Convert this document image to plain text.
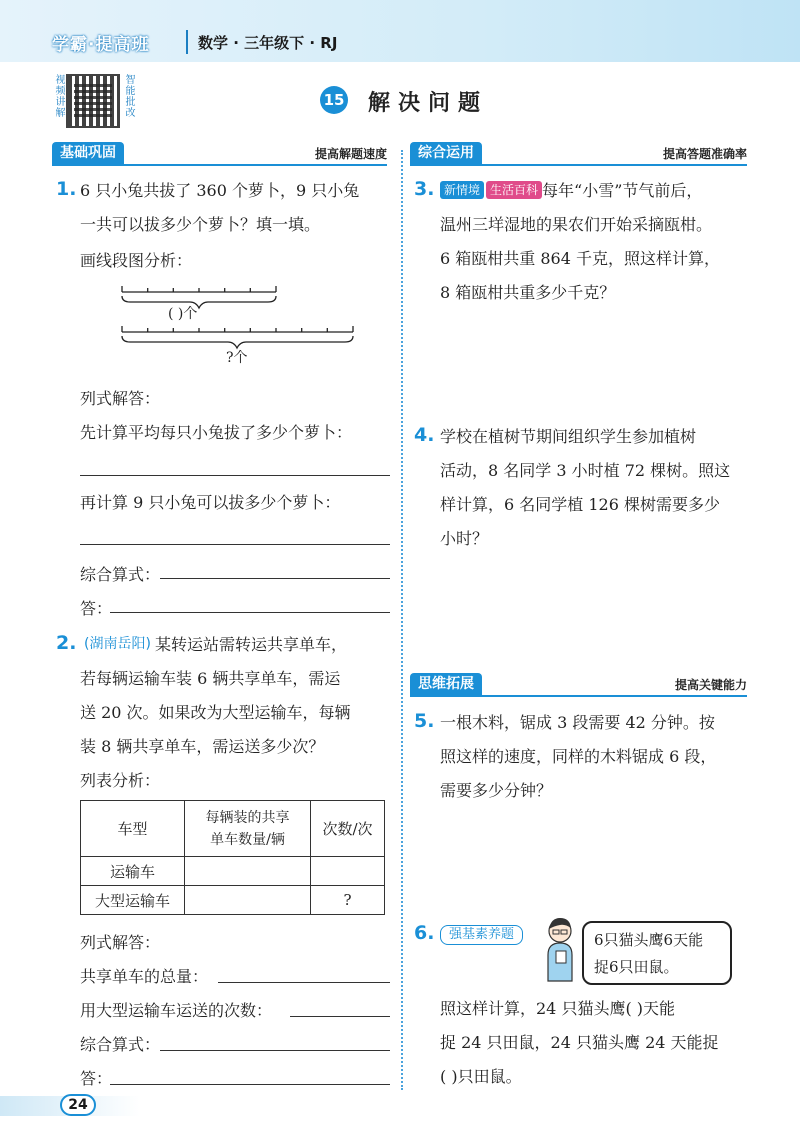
学霸·提高班	数学 · 三年级下 · RJ
视频讲解	智能批改	15 解决问题
基础巩固	提高解题速度	综合运用	提高答题准确率
思维拓展	提高关键能力
1. 6 只小兔共拔了 360 个萝卜，9 只小兔
一共可以拔多少个萝卜？填一填。
画线段图分析：
( )个
?个
列式解答：
先计算平均每只小兔拔了多少个萝卜：
再计算 9 只小兔可以拔多少个萝卜：
综合算式：
答：
2. (湖南岳阳) 某转运站需转运共享单车，
若每辆运输车装 6 辆共享单车，需运
送 20 次。如果改为大型运输车，每辆
装 8 辆共享单车，需运送多少次？
列表分析：
车型	每辆装的共享
单车数量/辆	次数/次
运输车		
大型运输车		?
列式解答：
共享单车的总量：
用大型运输车运送的次数：
综合算式：
答：
3. 新情境 生活百科 每年“小雪”节气前后，
温州三垟湿地的果农们开始采摘瓯柑。
6 箱瓯柑共重 864 千克，照这样计算，
8 箱瓯柑共重多少千克？
4. 学校在植树节期间组织学生参加植树
活动，8 名同学 3 小时植 72 棵树。照这
样计算，6 名同学植 126 棵树需要多少
小时？
5. 一根木料，锯成 3 段需要 42 分钟。按
照这样的速度，同样的木料锯成 6 段，
需要多少分钟？
6.	强基素养题	6只猫头鹰6天能
捉6只田鼠。
照这样计算，24 只猫头鹰( )天能
捉 24 只田鼠，24 只猫头鹰 24 天能捉
( )只田鼠。
24
